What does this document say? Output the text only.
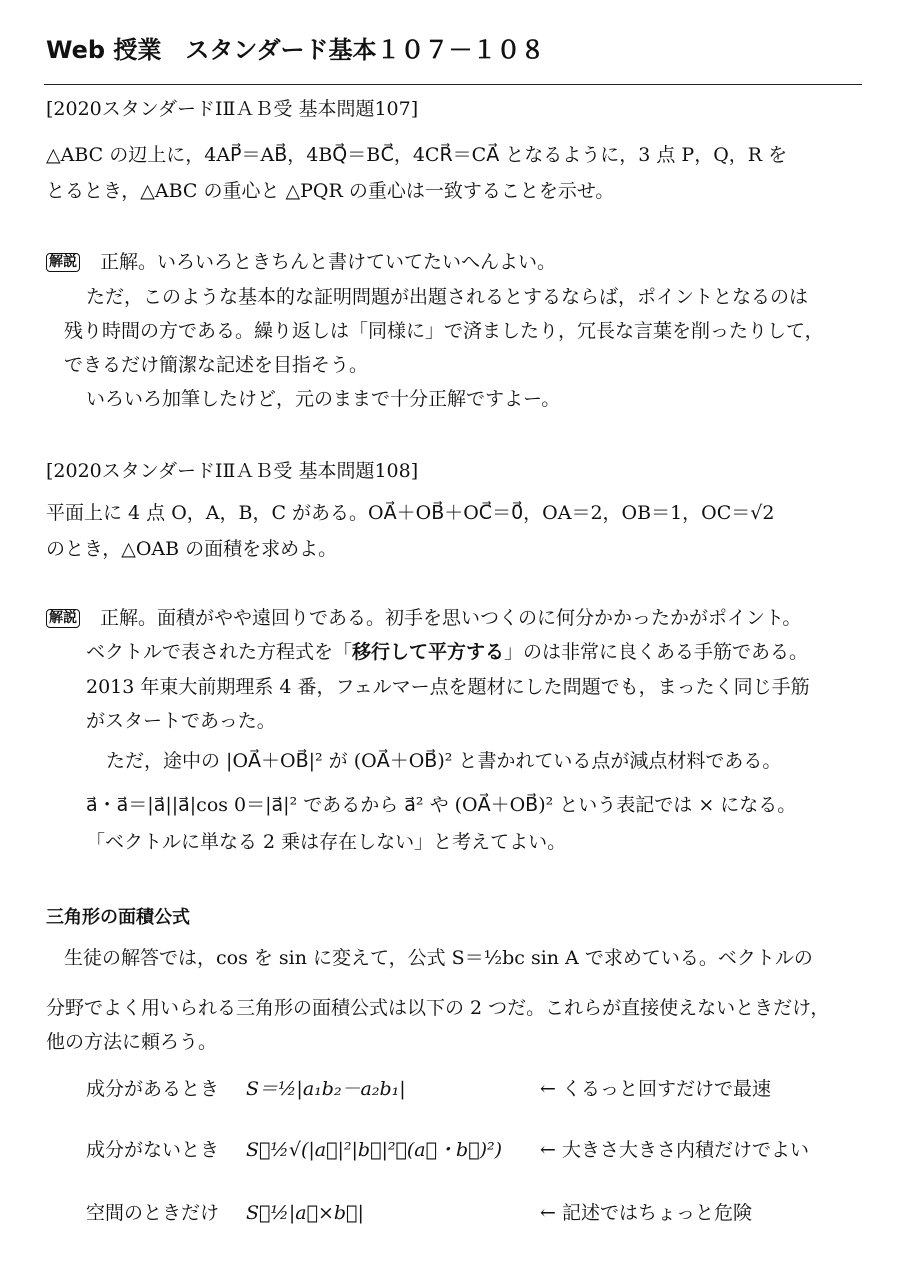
Web 授業　スタンダード基本１０７－１０８
[2020スタンダードⅠⅡＡＢ受 基本問題107]
△ABC の辺上に，4AP⃗＝AB⃗，4BQ⃗＝BC⃗，4CR⃗＝CA⃗ となるように，3 点 P，Q，R を
とるとき，△ABC の重心と △PQR の重心は一致することを示せ。
解説 正解。いろいろときちんと書けていてたいへんよい。
ただ，このような基本的な証明問題が出題されるとするならば，ポイントとなるのは
残り時間の方である。繰り返しは「同様に」で済ましたり，冗長な言葉を削ったりして，
できるだけ簡潔な記述を目指そう。
いろいろ加筆したけど，元のままで十分正解ですよー。
[2020スタンダードⅠⅡＡＢ受 基本問題108]
平面上に 4 点 O，A，B，C がある。OA⃗＋OB⃗＋OC⃗＝0⃗，OA＝2，OB＝1，OC＝√2
のとき，△OAB の面積を求めよ。
解説 正解。面積がやや遠回りである。初手を思いつくのに何分かかったかがポイント。
ベクトルで表された方程式を「移行して平方する」のは非常に良くある手筋である。
2013 年東大前期理系 4 番，フェルマー点を題材にした問題でも，まったく同じ手筋
がスタートであった。
ただ，途中の |OA⃗＋OB⃗|² が (OA⃗＋OB⃗)² と書かれている点が減点材料である。
a⃗・a⃗＝|a⃗||a⃗|cos 0＝|a⃗|² であるから a⃗² や (OA⃗＋OB⃗)² という表記では × になる。
「ベクトルに単なる 2 乗は存在しない」と考えてよい。
三角形の面積公式
生徒の解答では，cos を sin に変えて，公式 S＝½bc sin A で求めている。ベクトルの
分野でよく用いられる三角形の面積公式は以下の 2 つだ。これらが直接使えないときだけ，
他の方法に頼ろう。
成分があるとき S＝½|a₁b₂－a₂b₁|	← くるっと回すだけで最速
成分がないとき S＝½√(|a⃗|²|b⃗|²－(a⃗・b⃗)²) ← 大きさ大きさ内積だけでよい
空間のときだけ S＝½|a⃗×b⃗|	← 記述ではちょっと危険
